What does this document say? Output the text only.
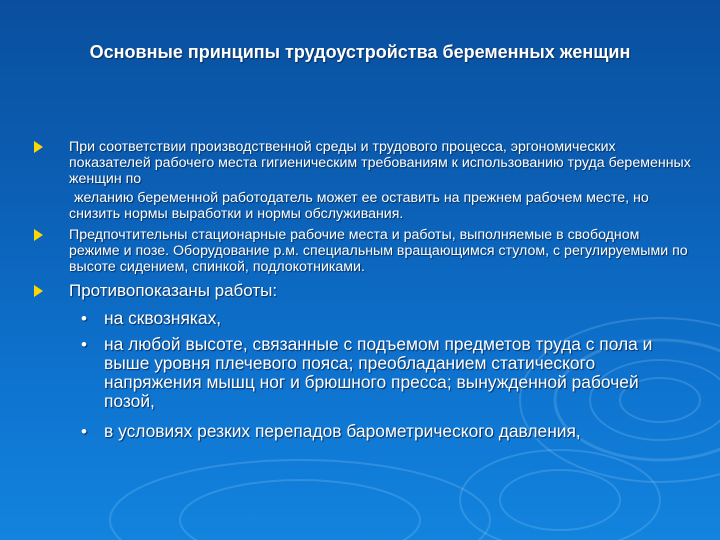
Основные принципы трудоустройства беременных женщин
При соответствии производственной среды и трудового процесса, эргономических показателей рабочего места гигиеническим требованиям к использованию труда беременных женщин по
желанию беременной работодатель может ее оставить на прежнем рабочем месте, но снизить нормы выработки и нормы обслуживания.
Предпочтительны стационарные рабочие места и работы, выполняемые в свободном режиме и позе. Оборудование р.м. специальным вращающимся стулом, с регулируемыми по высоте сидением, спинкой, подлокотниками.
Противопоказаны работы:
• на сквозняках,
• на любой высоте, связанные с подъемом предметов труда с пола и выше уровня плечевого пояса; преобладанием статического напряжения мышц ног и брюшного пресса; вынужденной рабочей позой,
• в условиях резких перепадов барометрического давления,
